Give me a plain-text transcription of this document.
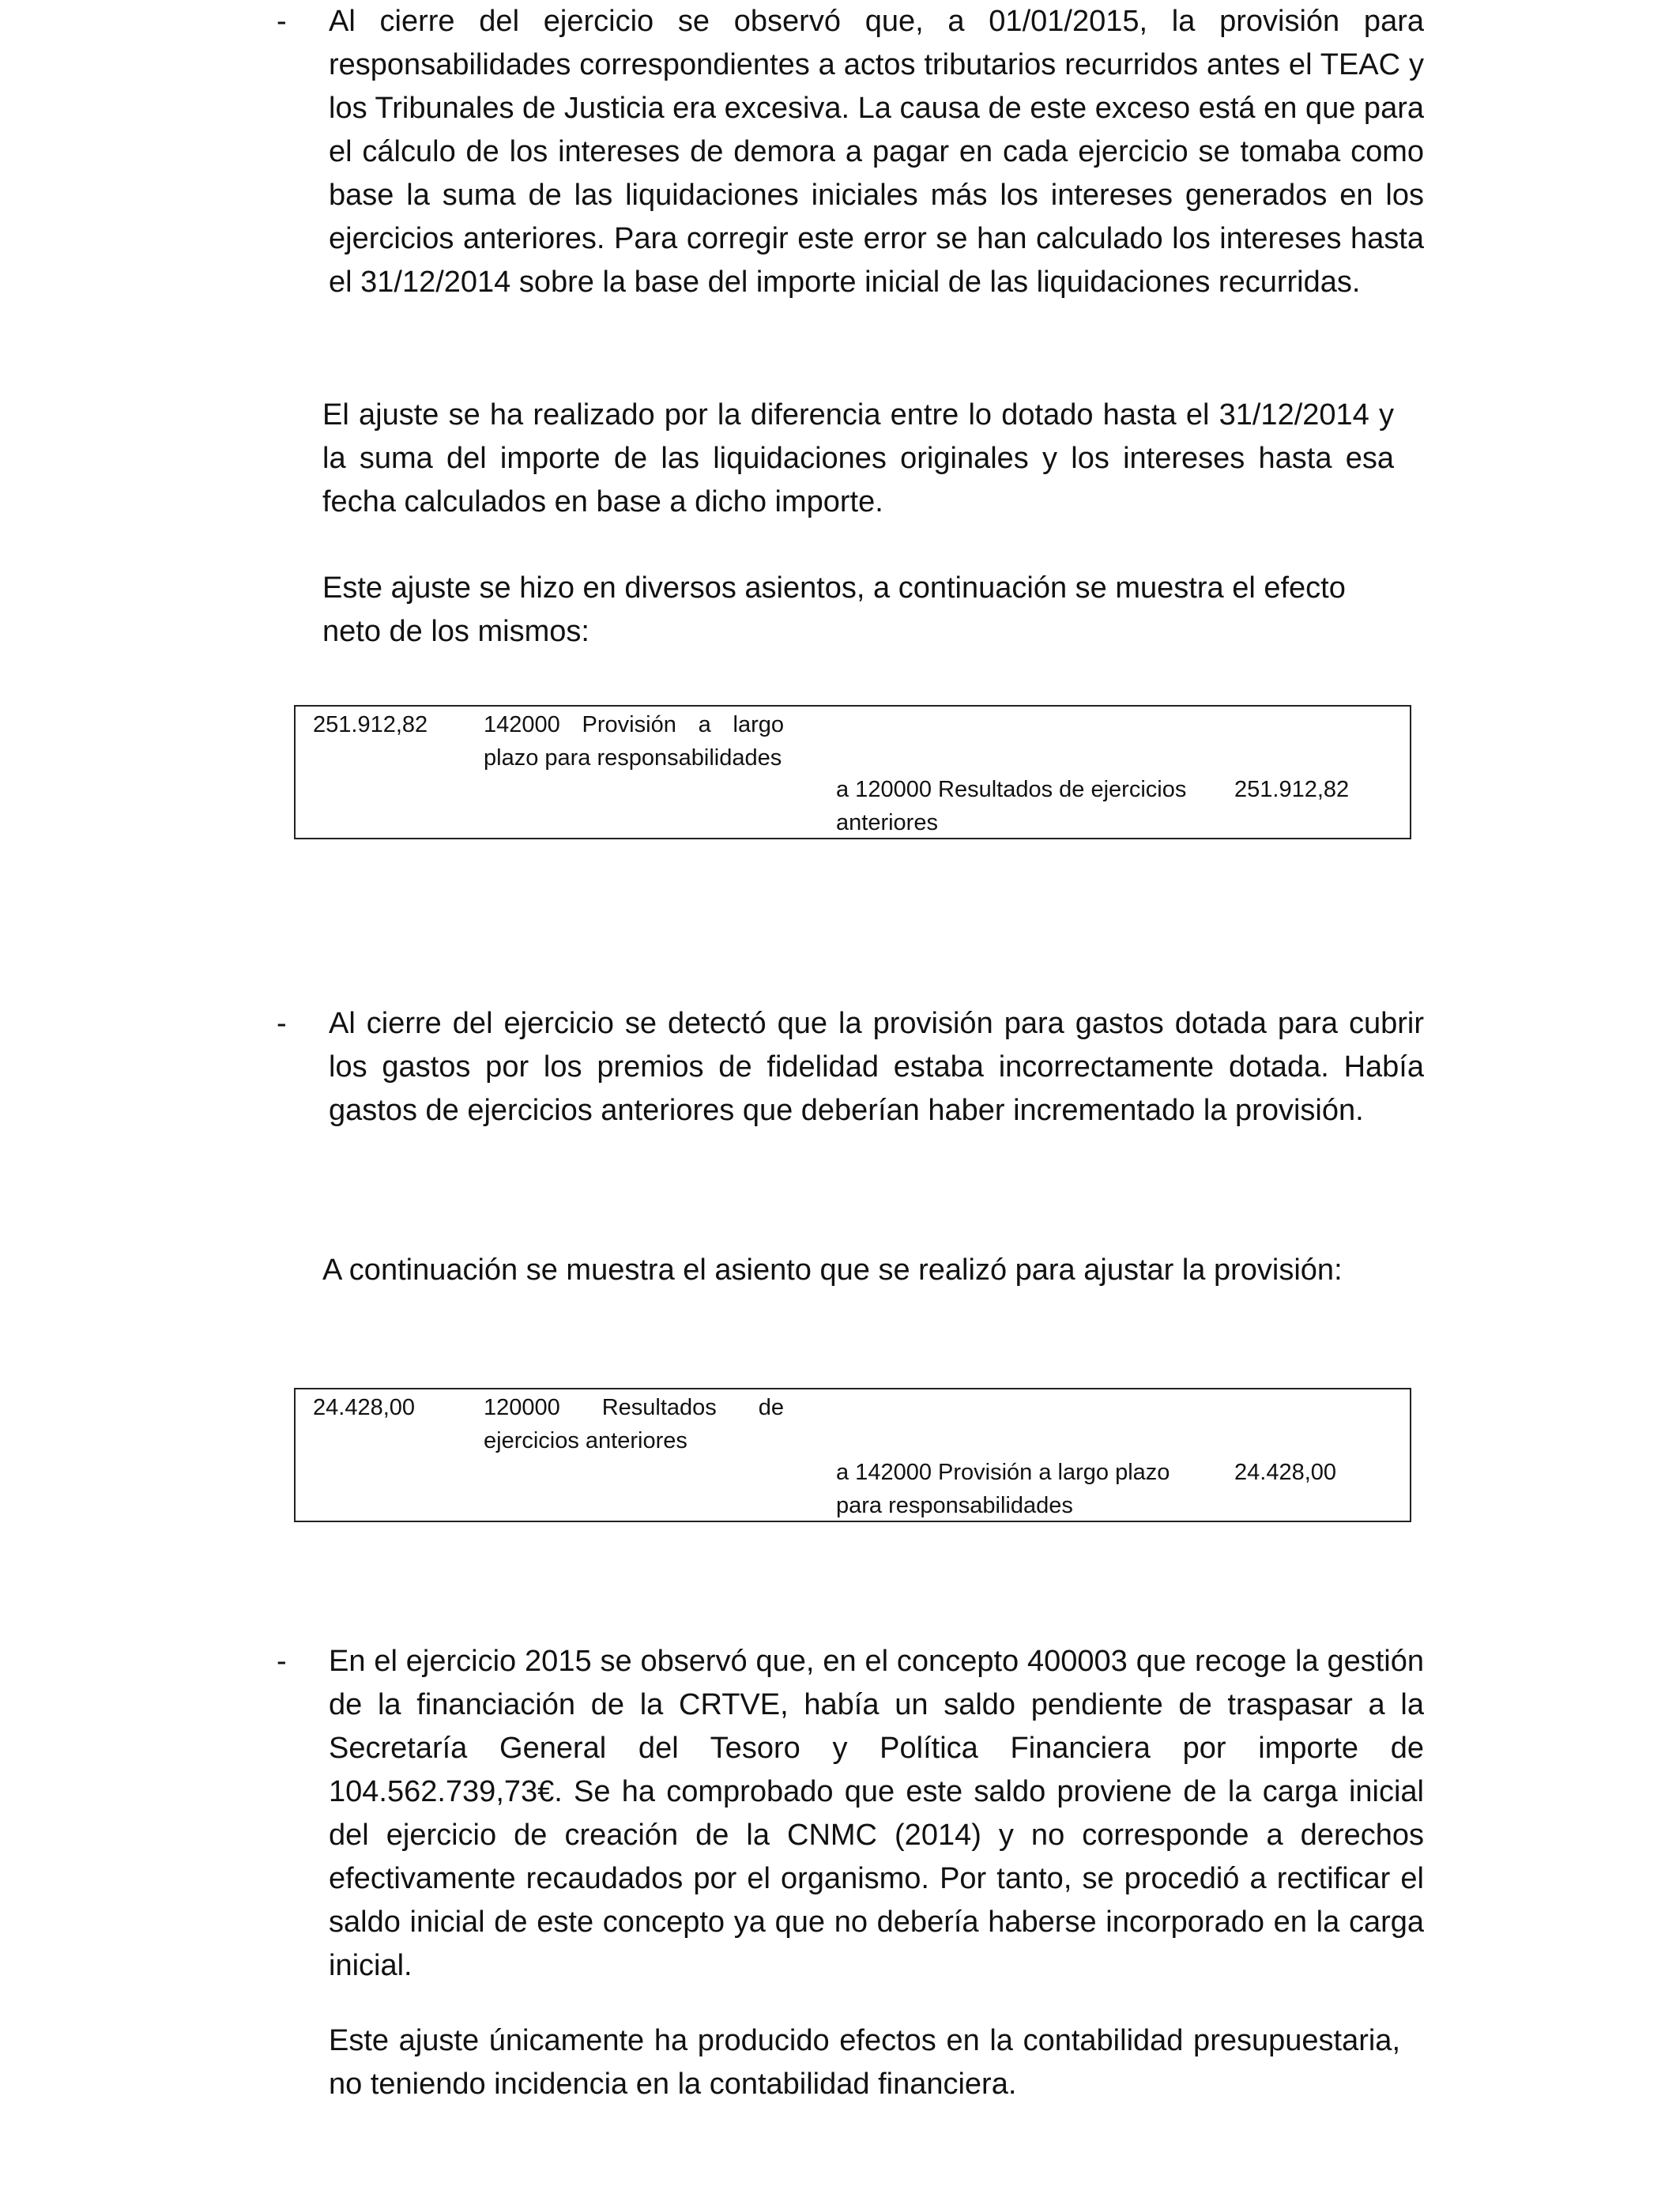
- Al cierre del ejercicio se observó que, a 01/01/2015, la provisión para responsabilidades correspondientes a actos tributarios recurridos antes el TEAC y los Tribunales de Justicia era excesiva. La causa de este exceso está en que para el cálculo de los intereses de demora a pagar en cada ejercicio se tomaba como base la suma de las liquidaciones iniciales más los intereses generados en los ejercicios anteriores. Para corregir este error se han calculado los intereses hasta el 31/12/2014 sobre la base del importe inicial de las liquidaciones recurridas.

El ajuste se ha realizado por la diferencia entre lo dotado hasta el 31/12/2014 y la suma del importe de las liquidaciones originales y los intereses hasta esa fecha calculados en base a dicho importe.

Este ajuste se hizo en diversos asientos, a continuación se muestra el efecto neto de los mismos:

251.912,82 142000 Provisión a largo plazo para responsabilidades
a 120000 Resultados de ejercicios anteriores
251.912,82
- Al cierre del ejercicio se detectó que la provisión para gastos dotada para cubrir los gastos por los premios de fidelidad estaba incorrectamente dotada. Había gastos de ejercicios anteriores que deberían haber incrementado la provisión.

A continuación se muestra el asiento que se realizó para ajustar la provisión:

24.428,00	120000 Resultados de ejercicios anteriores
a 142000 Provisión a largo plazo para responsabilidades
24.428,00
- En el ejercicio 2015 se observó que, en el concepto 400003 que recoge la gestión de la financiación de la CRTVE, había un saldo pendiente de traspasar a la Secretaría General del Tesoro y Política Financiera por importe de 104.562.739,73€. Se ha comprobado que este saldo proviene de la carga inicial del ejercicio de creación de la CNMC (2014) y no corresponde a derechos efectivamente recaudados por el organismo. Por tanto, se procedió a rectificar el saldo inicial de este concepto ya que no debería haberse incorporado en la carga inicial.

Este ajuste únicamente ha producido efectos en la contabilidad presupuestaria, no teniendo incidencia en la contabilidad financiera.
